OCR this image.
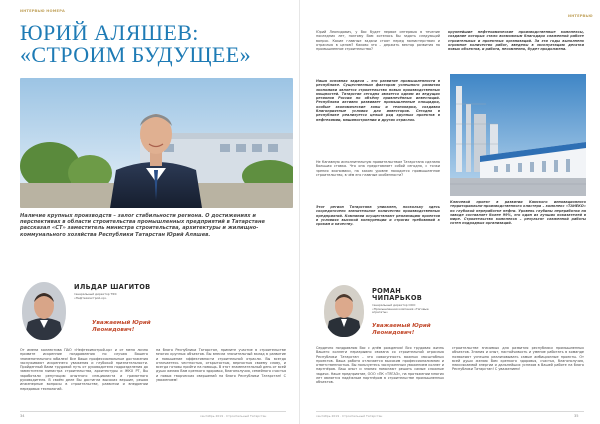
ИНТЕРВЬЮ НОМЕРА
ЮРИЙ АЛЯШЕВ:
«СТРОИМ БУДУЩЕЕ»
Наличие крупных производств – залог стабильности региона. О достижениях и перспективах в области строительства промышленных предприятий в Татарстане рассказал «СТ» заместитель министра строительства, архитектуры и жилищно-коммунального хозяйства Республики Татарстан Юрий Аляшев.
ИЛЬДАР ШАГИТОВ
генеральный директор ТФС «Нефтехимстрой-кр»
Уважаемый Юрий Леонидович!
От имени коллектива ПАО «Нефтехимстрой-кр» и от меня лично примите искренние поздравления по случаю Вашего знаменательного юбилея! Все Ваши профессиональные достижения заслуживают искреннего уважения и глубокой признательности. Пройденный Вами трудовой путь от руководителя подразделения до заместителя министра строительства, архитектуры и ЖКХ РТ, Вы заработали репутацию опытного специалиста и грамотного руководителя. В своём деле Вы достигли высоких вершин, решая инженерные вопросы в строительстве, развитии и внедрении передовых технологий.
на благо Республики Татарстан, примите участие в строительстве многих крупных объектов. Вы внесли значительный вклад в развитие и повышение эффективности строительной отрасли. Вы всегда отличаетесь честностью, открытостью, верностью своему слову, и всегда готовы прийти на помощь. В этот знаменательный день от всей души желаю Вам крепкого здоровья, благополучия, семейного счастья и новых творческих свершений на благо Республики Татарстан! С уважением!
34	сентябрь 2019 · Строительный Татарстан
ИНТЕРВЬЮ
Юрий Леонидович, у Вас будет первое интервью в течение последних лет, поэтому Вам хотелось бы задать следующий вопрос. Какие главные задачи стоят перед министерством и отраслью в целом? Каково это – держать вектор развития на промышленное строительство?
Наша основная задача – это развитие промышленности в республике. Существенным фактором успешного развития экономики является строительство новых производственных мощностей. Татарстан сегодня является одним из ведущих регионов России по объёму привлечённых инвестиций. Республика активно развивает промышленные площадки, особые экономические зоны и технопарки, создавая благоприятные условия для инвесторов. Сегодня в республике реализуется целый ряд крупных проектов в нефтехимии, машиностроении и других отраслях.
Не Канавную исполнительную правительством Татарстана сделана большая ставка. Что она представляет собой сегодня, с точки зрения экономики, на каком уровне находится промышленное строительство, в чём его главные особенности?
Этот регион Татарстана уникален, поскольку здесь сосредоточено значительное количество производственных предприятий. Компании осуществляют реализацию проектов в условиях высокой конкуренции и строгих требований к срокам и качеству.
крупнейшие нефтехимические производственные комплексы, создание которых стало возможным благодаря слаженной работе строительных и проектных организаций. За эти годы выполнено огромное количество работ, введены в эксплуатацию десятки новых объектов, и работа, несомненно, будет продолжена.
Ключевой проект в развитии Камского инновационного территориально-производственного кластера – комплекс «ТАНЕКО» по глубокой переработке нефти. Уровень глубины переработки на заводе составляет более 99%, это один из лучших показателей в мире. Строительство комплекса – результат слаженной работы сотен подрядных организаций.
РОМАН
ЧИПАРЬКОВ
генеральный директор ООО «Промышленная компания «Тяговые агрегаты»
Уважаемый Юрий Леонидович!
Сердечно поздравляю Вас с днём рождения! Вся трудовая жизнь Вашего коллеги неразрывно связана со строительной отраслью Республики Татарстан – это совокупность важных масштабных проектов. Ваша работа отличается высоким профессионализмом и ответственностью. Вы пользуетесь заслуженным уважением коллег и партнёров. Ваш опыт и знания помогают решать самые сложные задачи. Наше предприятие, ООО «ПК «ТЯГАЗ», на протяжении многих лет является надёжным партнёром в строительстве промышленных объектов.
строительстве значимых для развития республики промышленных объектов. Знания и опыт, настойчивость и умение работать в команде позволяют успешно реализовывать самые амбициозные проекты. От всей души желаю Вам крепкого здоровья, счастья, благополучия, неиссякаемой энергии и дальнейших успехов в Вашей работе на благо Республики Татарстан! С уважением!
сентябрь 2019 · Строительный Татарстан	35
